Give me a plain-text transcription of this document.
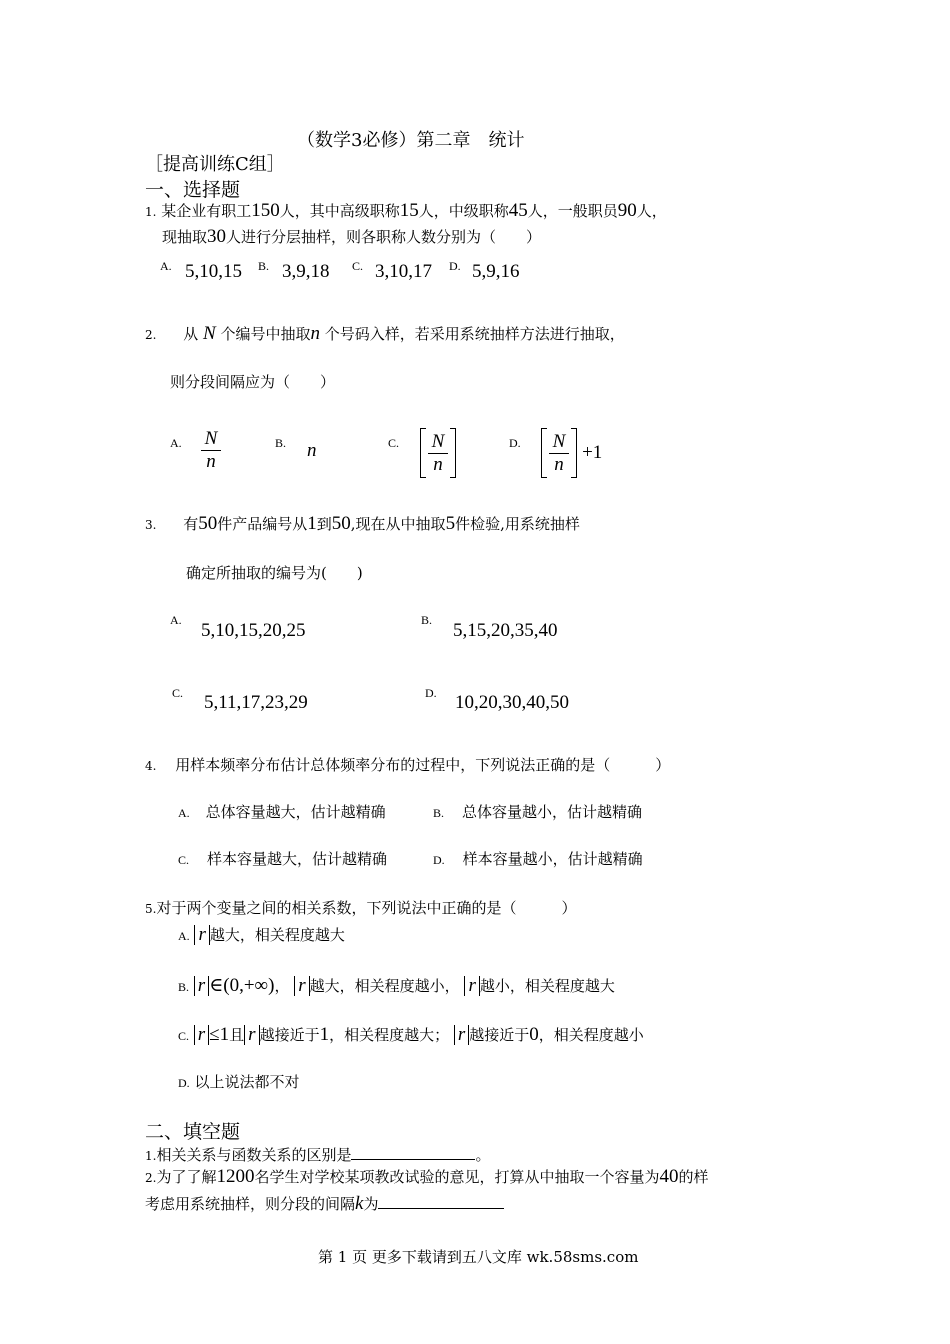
（数学3必修）第二章　统计
［提高训练C组］
一、选择题
1. 某企业有职工150人，其中高级职称15人，中级职称45人，一般职员90人，
现抽取30人进行分层抽样，则各职称人数分别为（　　）
A. 5,10,15 B. 3,9,18 C. 3,10,17 D. 5,9,16
2. 从 N 个编号中抽取n 个号码入样，若采用系统抽样方法进行抽取，
则分段间隔应为（　　）
A. $\frac{N}{n}$	B. n	C. $\frac{N}{n}$	D. $\frac{N}{n} +1$
3. 有50件产品编号从1到50,现在从中抽取5件检验,用系统抽样
确定所抽取的编号为(　　)
A. 5,10,15,20,25	B. 5,15,20,35,40
C. 5,11,17,23,29	D. 10,20,30,40,50
4. 用样本频率分布估计总体频率分布的过程中，下列说法正确的是（　　　）
A. 总体容量越大，估计越精确	B. 总体容量越小，估计越精确
C. 样本容量越大，估计越精确	D. 样本容量越小，估计越精确
5.对于两个变量之间的相关系数，下列说法中正确的是（　　　）
A. r 越大，相关程度越大
B. r ∈(0,+∞)， r 越大，相关程度越小， r 越小，相关程度越大
C. r ≤1且 r 越接近于1，相关程度越大； r 越接近于0，相关程度越小
D. 以上说法都不对
二、填空题
1.相关关系与函数关系的区别是	。
2.为了了解1200名学生对学校某项教改试验的意见，打算从中抽取一个容量为40的样
考虑用系统抽样，则分段的间隔k为
第 1 页 更多下载请到五八文库 wk.58sms.com
